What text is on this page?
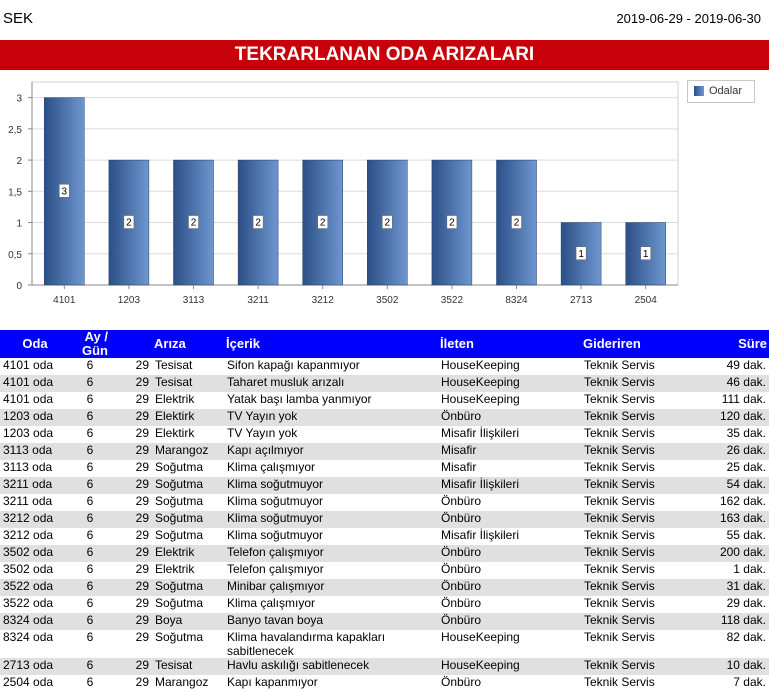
SEK	2019-06-29 - 2019-06-30
TEKRARLANAN ODA ARIZALARI
0
0,5
1
1,5
2
2,5
3
3
4101
2
1203
2
3113
2
3211
2
3212
2
3502
2
3522
2
8324
1
2713
1
2504
Odalar
Oda	Ay / Gün		Arıza	İçerik	İleten	Gideriren	Süre
4101 oda	6	29	Tesisat	Sifon kapağı kapanmıyor	HouseKeeping	Teknik Servis	49 dak.
4101 oda	6	29	Tesisat	Taharet musluk arızalı	HouseKeeping	Teknik Servis	46 dak.
4101 oda	6	29	Elektrik	Yatak başı lamba yanmıyor	HouseKeeping	Teknik Servis	111 dak.
1203 oda	6	29	Elektirk	TV Yayın yok	Önbüro	Teknik Servis	120 dak.
1203 oda	6	29	Elektirk	TV Yayın yok	Misafir İlişkileri	Teknik Servis	35 dak.
3113 oda	6	29	Marangoz	Kapı açılmıyor	Misafir	Teknik Servis	26 dak.
3113 oda	6	29	Soğutma	Klima çalışmıyor	Misafir	Teknik Servis	25 dak.
3211 oda	6	29	Soğutma	Klima soğutmuyor	Misafir İlişkileri	Teknik Servis	54 dak.
3211 oda	6	29	Soğutma	Klima soğutmuyor	Önbüro	Teknik Servis	162 dak.
3212 oda	6	29	Soğutma	Klima soğutmuyor	Önbüro	Teknik Servis	163 dak.
3212 oda	6	29	Soğutma	Klima soğutmuyor	Misafir İlişkileri	Teknik Servis	55 dak.
3502 oda	6	29	Elektrik	Telefon çalışmıyor	Önbüro	Teknik Servis	200 dak.
3502 oda	6	29	Elektrik	Telefon çalışmıyor	Önbüro	Teknik Servis	1 dak.
3522 oda	6	29	Soğutma	Minibar çalışmıyor	Önbüro	Teknik Servis	31 dak.
3522 oda	6	29	Soğutma	Klima çalışmıyor	Önbüro	Teknik Servis	29 dak.
8324 oda	6	29	Boya	Banyo tavan boya	Önbüro	Teknik Servis	118 dak.
8324 oda	6	29	Soğutma	Klima havalandırma kapakları sabitlenecek	HouseKeeping	Teknik Servis	82 dak.
2713 oda	6	29	Tesisat	Havlu askılığı sabitlenecek	HouseKeeping	Teknik Servis	10 dak.
2504 oda	6	29	Marangoz	Kapı kapanmıyor	Önbüro	Teknik Servis	7 dak.
